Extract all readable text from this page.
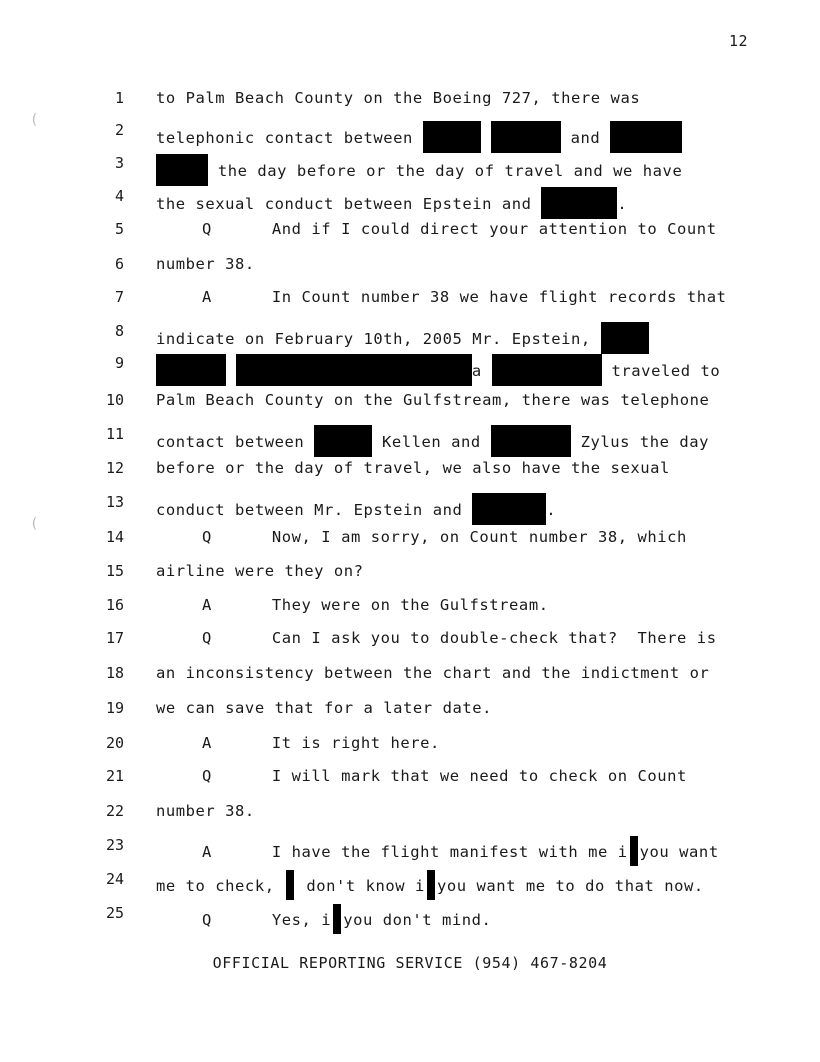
12
1 to Palm Beach County on the Boeing 727, there was
2 telephonic contact between	and
3	the day before or the day of travel and we have
4 the sexual conduct between Epstein and	.
5	Q	And if I could direct your attention to Count
6 number 38.
7	A	In Count number 38 we have flight records that
8 indicate on February 10th, 2005 Mr. Epstein,
9	a	traveled to
10 Palm Beach County on the Gulfstream, there was telephone
11 contact between	Kellen and	Zylus the day
12 before or the day of travel, we also have the sexual
13 conduct between Mr. Epstein and	.
14	Q	Now, I am sorry, on Count number 38, which
15 airline were they on?
16	A	They were on the Gulfstream.
17	Q	Can I ask you to double-check that?  There is
18 an inconsistency between the chart and the indictment or
19 we can save that for a later date.
20	A	It is right here.
21	Q	I will mark that we need to check on Count
22 number 38.
23	A	I have the flight manifest with me i you want
24 me to check,  don't know i you want me to do that now.
25	Q	Yes, i you don't mind.
OFFICIAL REPORTING SERVICE (954) 467-8204
(
(
